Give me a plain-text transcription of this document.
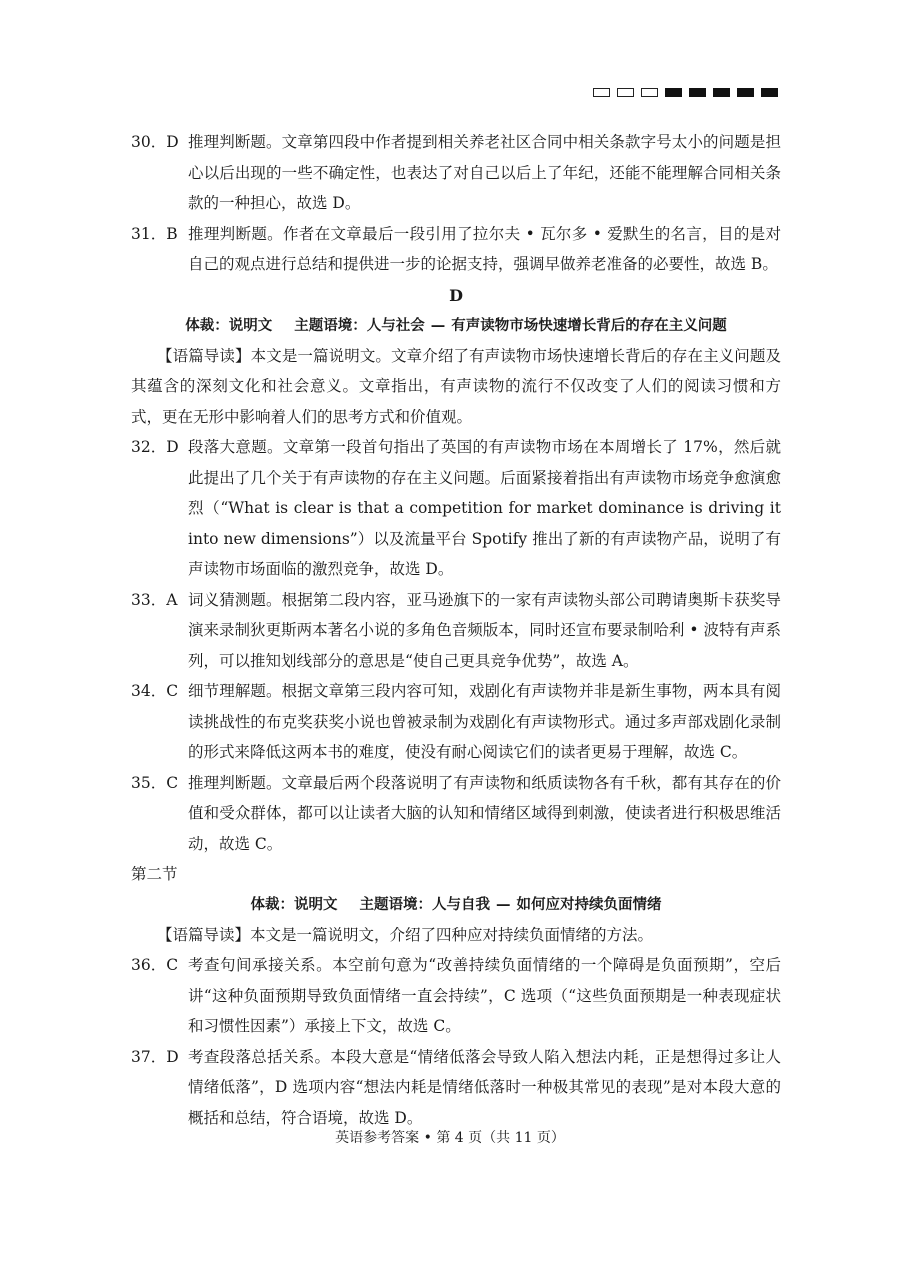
30．D 推理判断题。文章第四段中作者提到相关养老社区合同中相关条款字号太小的问题是担心以后出现的一些不确定性，也表达了对自己以后上了年纪，还能不能理解合同相关条款的一种担心，故选 D。
31．B 推理判断题。作者在文章最后一段引用了拉尔夫 • 瓦尔多 • 爱默生的名言，目的是对自己的观点进行总结和提供进一步的论据支持，强调早做养老准备的必要性，故选 B。
D
体裁：说明文 主题语境：人与社会 — 有声读物市场快速增长背后的存在主义问题
【语篇导读】本文是一篇说明文。文章介绍了有声读物市场快速增长背后的存在主义问题及其蕴含的深刻文化和社会意义。文章指出，有声读物的流行不仅改变了人们的阅读习惯和方式，更在无形中影响着人们的思考方式和价值观。
32．D 段落大意题。文章第一段首句指出了英国的有声读物市场在本周增长了 17%，然后就此提出了几个关于有声读物的存在主义问题。后面紧接着指出有声读物市场竞争愈演愈烈（“What is clear is that a competition for market dominance is driving it into new dimensions”）以及流量平台 Spotify 推出了新的有声读物产品，说明了有声读物市场面临的激烈竞争，故选 D。
33．A 词义猜测题。根据第二段内容，亚马逊旗下的一家有声读物头部公司聘请奥斯卡获奖导演来录制狄更斯两本著名小说的多角色音频版本，同时还宣布要录制哈利 • 波特有声系列，可以推知划线部分的意思是“使自己更具竞争优势”，故选 A。
34．C 细节理解题。根据文章第三段内容可知，戏剧化有声读物并非是新生事物，两本具有阅读挑战性的布克奖获奖小说也曾被录制为戏剧化有声读物形式。通过多声部戏剧化录制的形式来降低这两本书的难度，使没有耐心阅读它们的读者更易于理解，故选 C。
35．C 推理判断题。文章最后两个段落说明了有声读物和纸质读物各有千秋，都有其存在的价值和受众群体，都可以让读者大脑的认知和情绪区域得到刺激，使读者进行积极思维活动，故选 C。
第二节
体裁：说明文 主题语境：人与自我 — 如何应对持续负面情绪
【语篇导读】本文是一篇说明文，介绍了四种应对持续负面情绪的方法。
36．C 考查句间承接关系。本空前句意为“改善持续负面情绪的一个障碍是负面预期”，空后讲“这种负面预期导致负面情绪一直会持续”，C 选项（“这些负面预期是一种表现症状和习惯性因素”）承接上下文，故选 C。
37．D 考查段落总括关系。本段大意是“情绪低落会导致人陷入想法内耗，正是想得过多让人情绪低落”，D 选项内容“想法内耗是情绪低落时一种极其常见的表现”是对本段大意的概括和总结，符合语境，故选 D。
英语参考答案 • 第 4 页（共 11 页）
